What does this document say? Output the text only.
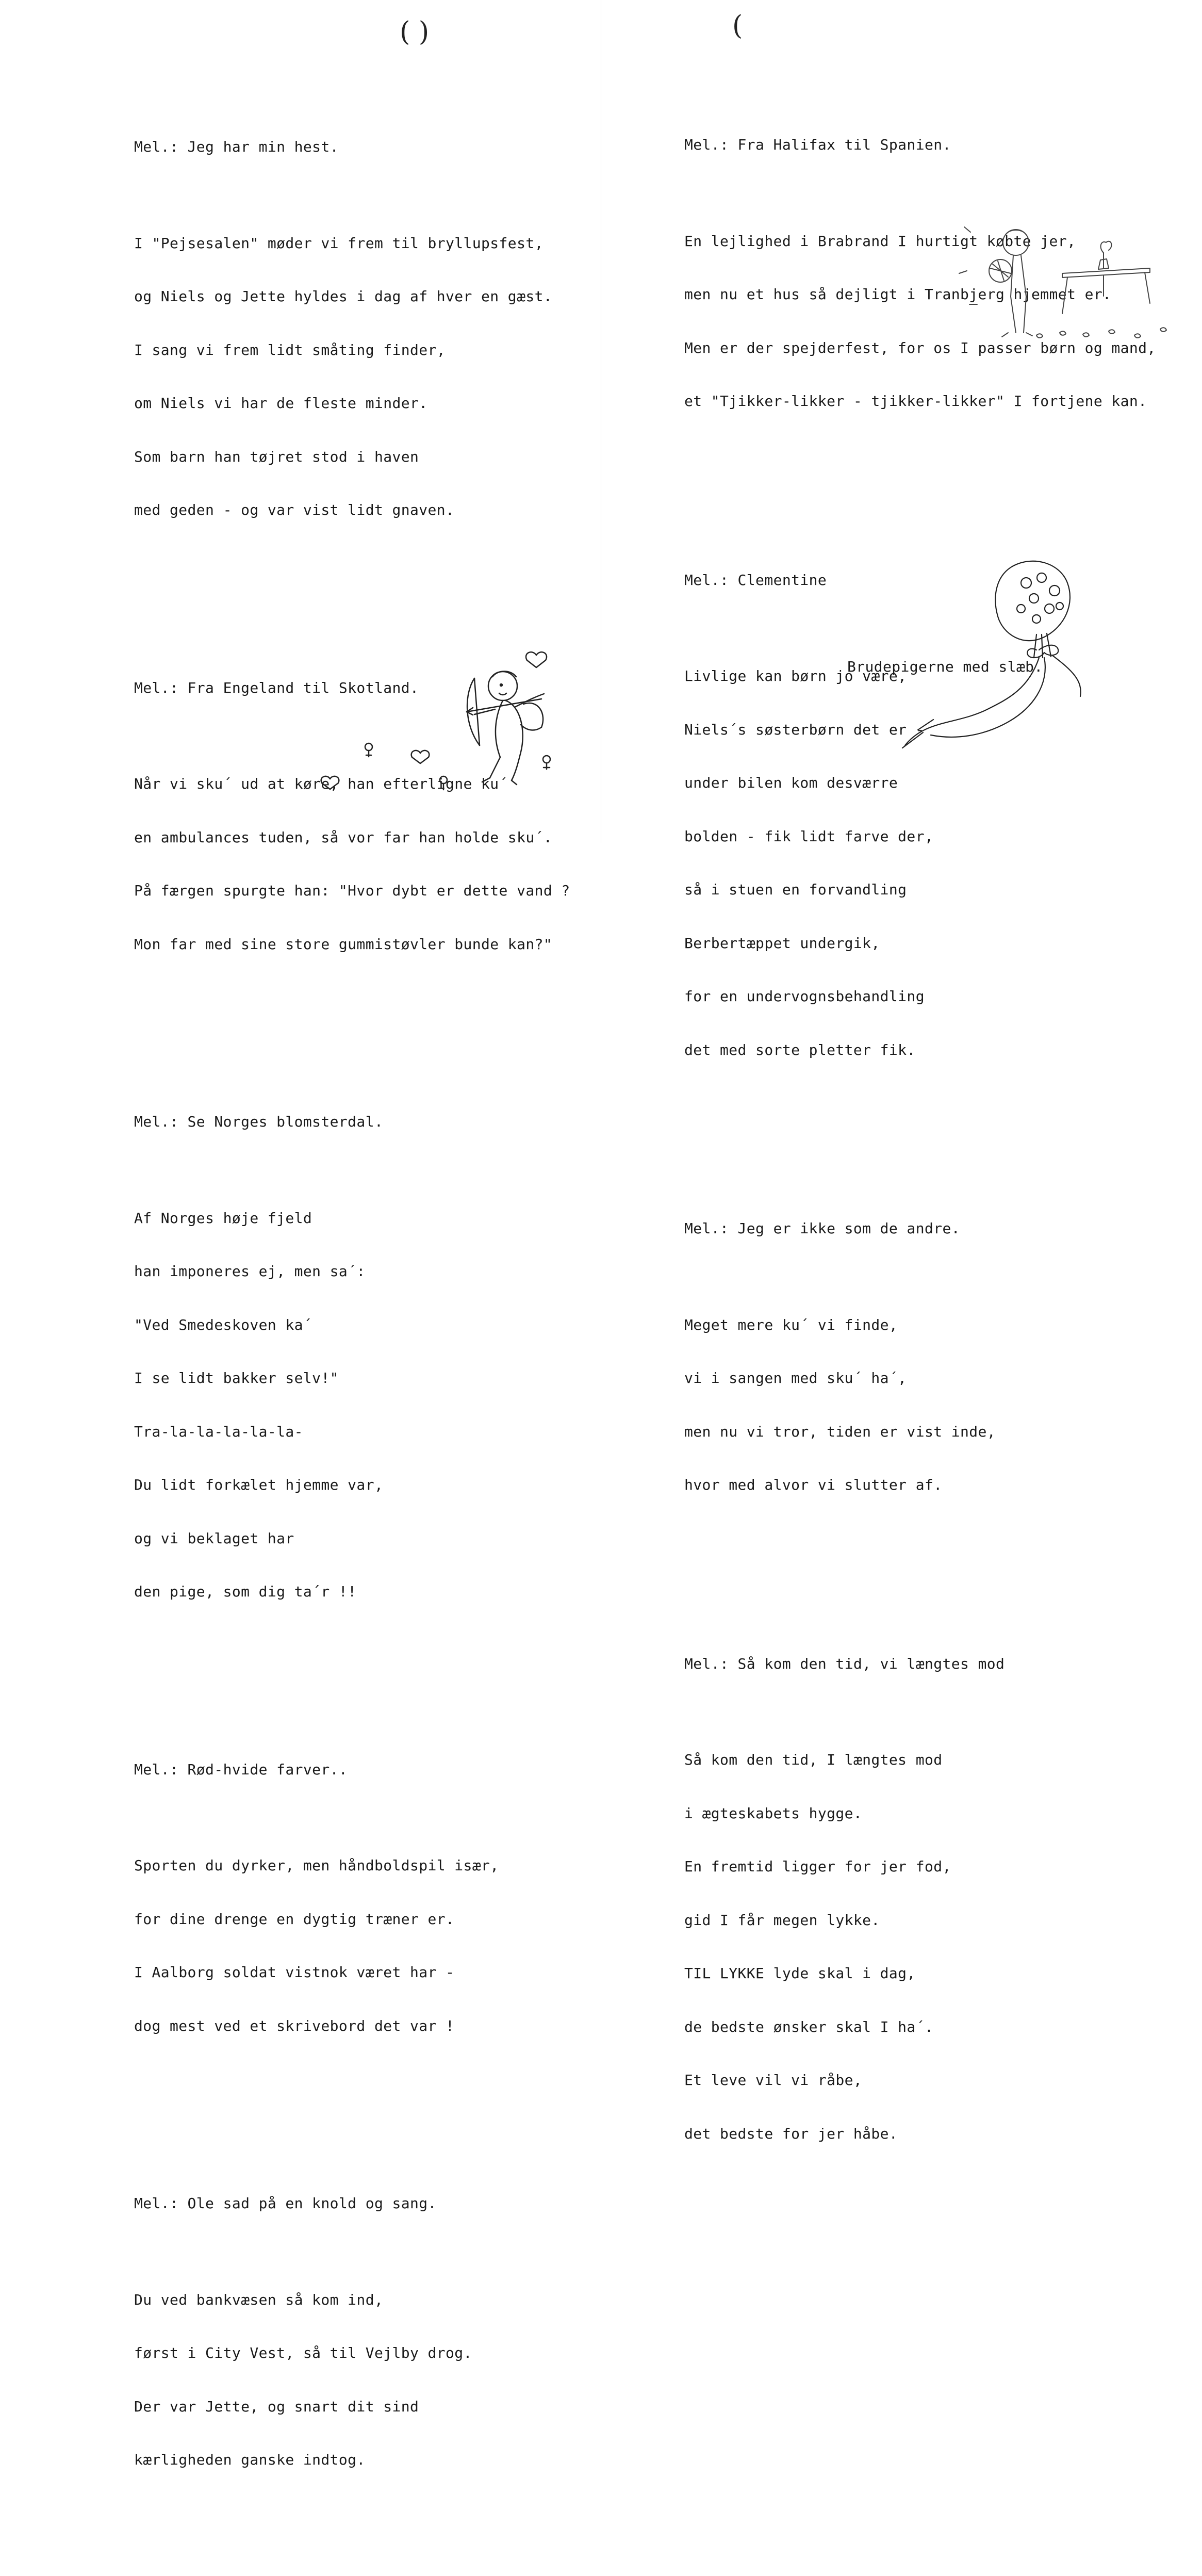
( )

Mel.: Jeg har min hest.

I "Pejsesalen" møder vi frem til bryllupsfest,

og Niels og Jette hyldes i dag af hver en gæst.

I sang vi frem lidt småting finder,

om Niels vi har de fleste minder.

Som barn han tøjret stod i haven

med geden - og var vist lidt gnaven.

Mel.: Fra Engeland til Skotland.

Når vi sku´ ud at køre, han efterligne ku´

en ambulances tuden, så vor far han holde sku´.

På færgen spurgte han: "Hvor dybt er dette vand ?

Mon far med sine store gummistøvler bunde kan?"

Mel.: Se Norges blomsterdal.

Af Norges høje fjeld

han imponeres ej, men sa´:

"Ved Smedeskoven ka´

I se lidt bakker selv!"

Tra-la-la-la-la-la-

Du lidt forkælet hjemme var,

og vi beklaget har

den pige, som dig ta´r !!

Mel.: Rød-hvide farver..

Sporten du dyrker, men håndboldspil især,

for dine drenge en dygtig træner er.

I Aalborg soldat vistnok været har -

dog mest ved et skrivebord det var !

Mel.: Ole sad på en knold og sang.

Du ved bankvæsen så kom ind,

først i City Vest, så til Vejlby drog.

Der var Jette, og snart dit sind

kærligheden ganske indtog.

(

Mel.: Fra Halifax til Spanien.

En lejlighed i Brabrand I hurtigt købte jer,

men nu et hus så dejligt i Tranbjerg hjemmet er.

Men er der spejderfest, for os I passer børn og mand,

et "Tjikker-likker - tjikker-likker" I fortjene kan.

Mel.: Clementine

Livlige kan børn jo være,

Niels´s søsterbørn det er -

under bilen kom desværre

bolden - fik lidt farve der,

så i stuen en forvandling

Berbertæppet undergik,

for en undervognsbehandling

det med sorte pletter fik.

Mel.: Jeg er ikke som de andre.

Meget mere ku´ vi finde,

vi i sangen med sku´ ha´,

men nu vi tror, tiden er vist inde,

hvor med alvor vi slutter af.

Mel.: Så kom den tid, vi længtes mod

Så kom den tid, I længtes mod

i ægteskabets hygge.

En fremtid ligger for jer fod,

gid I får megen lykke.

TIL LYKKE lyde skal i dag,

de bedste ønsker skal I ha´.

Et leve vil vi råbe,

det bedste for jer håbe.

Brudepigerne med slæb.
